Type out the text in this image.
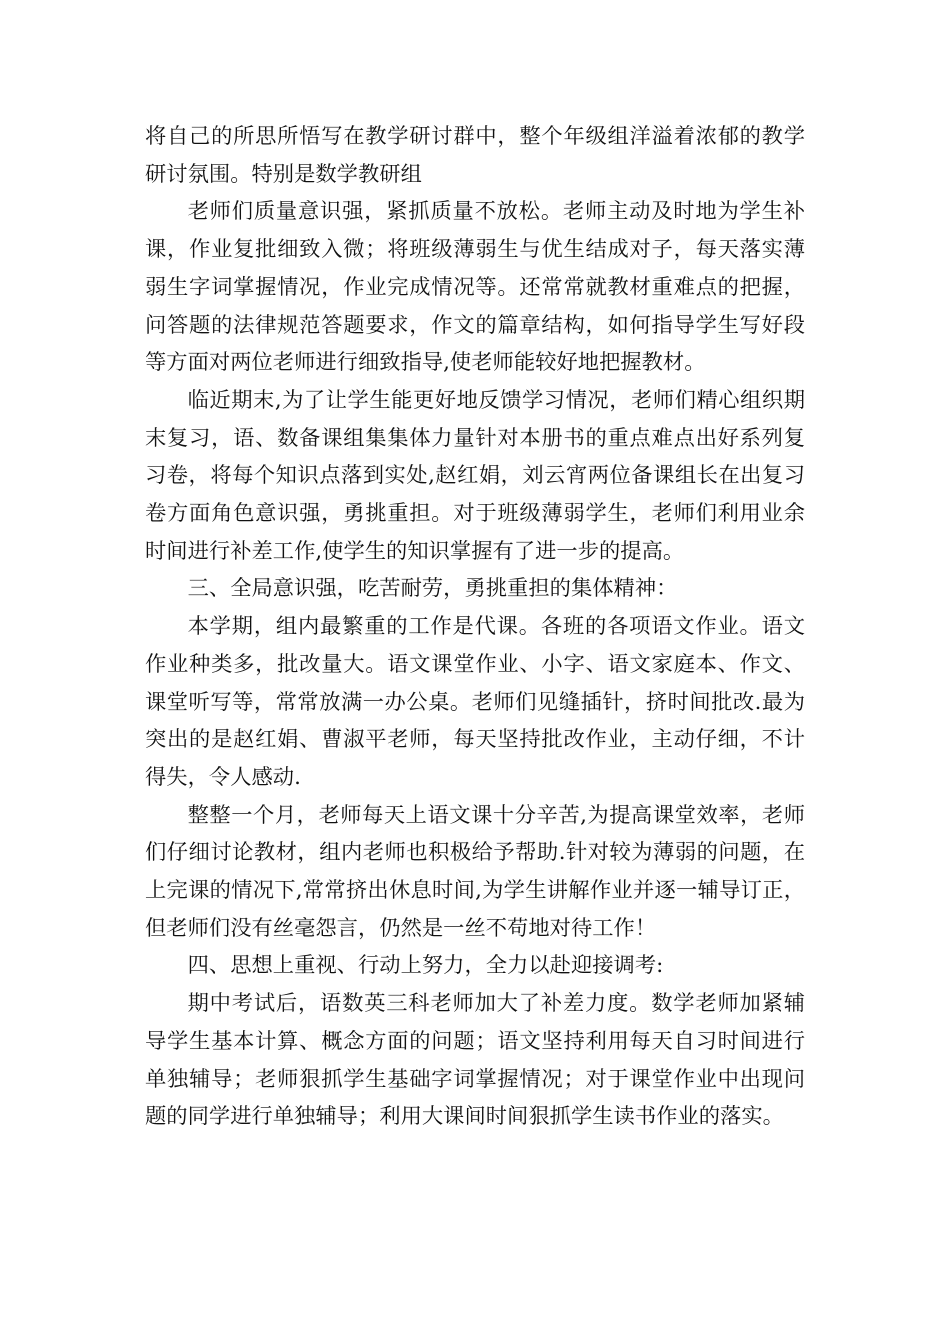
将自己的所思所悟写在教学研讨群中，整个年级组洋溢着浓郁的教学研讨氛围。特别是数学教研组

老师们质量意识强，紧抓质量不放松。老师主动及时地为学生补课，作业复批细致入微；将班级薄弱生与优生结成对子，每天落实薄弱生字词掌握情况，作业完成情况等。还常常就教材重难点的把握，问答题的法律规范答题要求，作文的篇章结构，如何指导学生写好段等方面对两位老师进行细致指导,使老师能较好地把握教材。

临近期末,为了让学生能更好地反馈学习情况，老师们精心组织期末复习，语、数备课组集集体力量针对本册书的重点难点出好系列复习卷，将每个知识点落到实处,赵红娟，刘云宵两位备课组长在出复习卷方面角色意识强，勇挑重担。对于班级薄弱学生，老师们利用业余时间进行补差工作,使学生的知识掌握有了进一步的提高。

三、全局意识强，吃苦耐劳，勇挑重担的集体精神：

本学期，组内最繁重的工作是代课。各班的各项语文作业。语文作业种类多，批改量大。语文课堂作业、小字、语文家庭本、作文、课堂听写等，常常放满一办公桌。老师们见缝插针，挤时间批改.最为突出的是赵红娟、曹淑平老师，每天坚持批改作业，主动仔细，不计得失，令人感动.

整整一个月，老师每天上语文课十分辛苦,为提高课堂效率，老师们仔细讨论教材，组内老师也积极给予帮助.针对较为薄弱的问题，在上完课的情况下,常常挤出休息时间,为学生讲解作业并逐一辅导订正，但老师们没有丝毫怨言，仍然是一丝不苟地对待工作！

四、思想上重视、行动上努力，全力以赴迎接调考:

期中考试后，语数英三科老师加大了补差力度。数学老师加紧辅导学生基本计算、概念方面的问题；语文坚持利用每天自习时间进行单独辅导；老师狠抓学生基础字词掌握情况；对于课堂作业中出现问题的同学进行单独辅导；利用大课间时间狠抓学生读书作业的落实。
